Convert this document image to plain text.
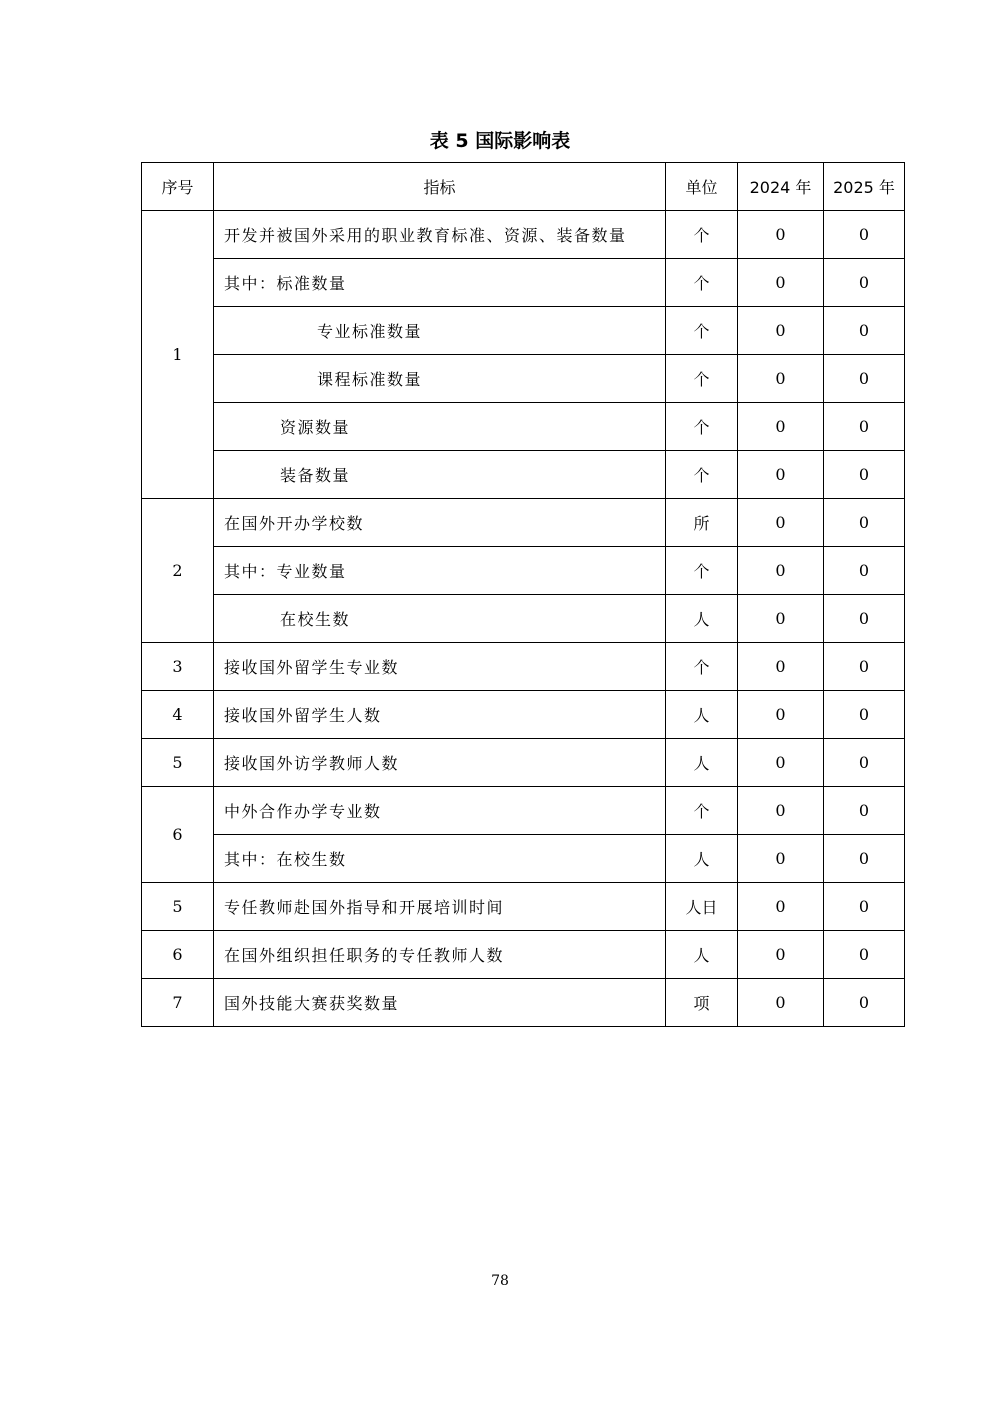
表 5 国际影响表
序号	指标	单位	2024 年	2025 年
1	开发并被国外采用的职业教育标准、资源、装备数量	个	0	0
	其中：标准数量	个	0	0
	专业标准数量	个	0	0
	课程标准数量	个	0	0
	资源数量	个	0	0
	装备数量	个	0	0
2	在国外开办学校数	所	0	0
	其中：专业数量	个	0	0
	在校生数	人	0	0
3	接收国外留学生专业数	个	0	0
4	接收国外留学生人数	人	0	0
5	接收国外访学教师人数	人	0	0
6	中外合作办学专业数	个	0	0
	其中：在校生数	人	0	0
5	专任教师赴国外指导和开展培训时间	人日	0	0
6	在国外组织担任职务的专任教师人数	人	0	0
7	国外技能大赛获奖数量	项	0	0
78
